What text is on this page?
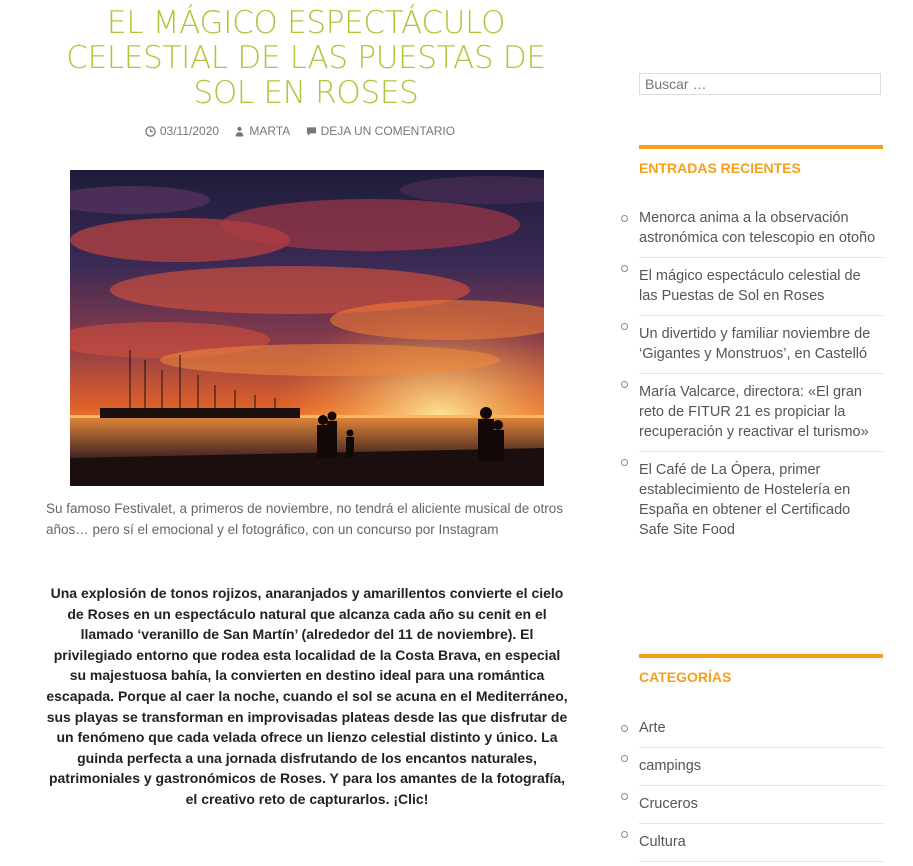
EL MÁGICO ESPECTÁCULO CELESTIAL DE LAS PUESTAS DE SOL EN ROSES
03/11/2020
	MARTA
	DEJA UN COMENTARIO
Su famoso Festivalet, a primeros de noviembre, no tendrá el aliciente musical de otros años… pero sí el emocional y el fotográfico, con un concurso por Instagram

Una explosión de tonos rojizos, anaranjados y amarillentos convierte el cielo de Roses en un espectáculo natural que alcanza cada año su cenit en el llamado ‘veranillo de San Martín’ (alrededor del 11 de noviembre). El privilegiado entorno que rodea esta localidad de la Costa Brava, en especial su majestuosa bahía, la convierten en destino ideal para una romántica escapada. Porque al caer la noche, cuando el sol se acuna en el Mediterráneo, sus playas se transforman en improvisadas plateas desde las que disfrutar de un fenómeno que cada velada ofrece un lienzo celestial distinto y único. La guinda perfecta a una jornada disfrutando de los encantos naturales, patrimoniales y gastronómicos de Roses. Y para los amantes de la fotografía, el creativo reto de capturarlos. ¡Clic!

Buscar …
ENTRADAS RECIENTES
Menorca anima a la observación astronómica con telescopio en otoño
El mágico espectáculo celestial de las Puestas de Sol en Roses
Un divertido y familiar noviembre de ‘Gigantes y Monstruos’, en Castelló
María Valcarce, directora: «El gran reto de FITUR 21 es propiciar la recuperación y reactivar el turismo»
El Café de La Ópera, primer establecimiento de Hostelería en España en obtener el Certificado Safe Site Food
CATEGORÍAS
Arte
campings
Cruceros
Cultura
